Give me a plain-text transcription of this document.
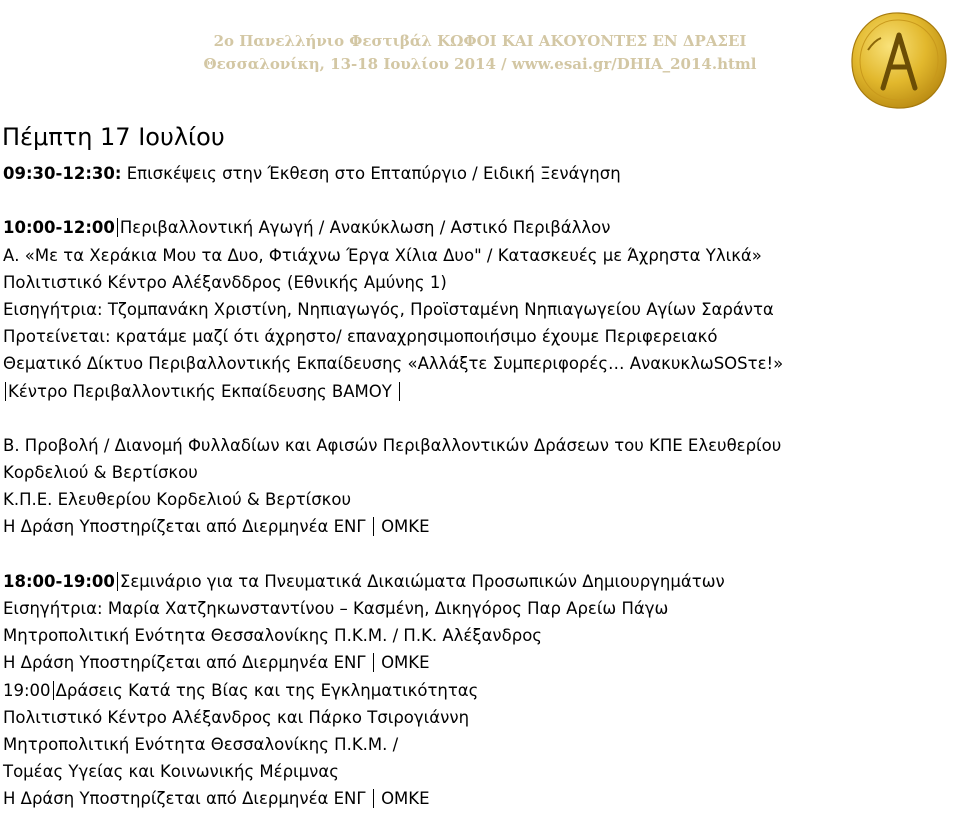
2ο Πανελλήνιο Φεστιβάλ ΚΩΦΟΙ ΚΑΙ ΑΚΟΥΟΝΤΕΣ ΕΝ ΔΡΑΣΕΙ
Θεσσαλονίκη, 13-18 Ιουλίου 2014 / www.esai.gr/DHIA_2014.html
Πέμπτη 17 Ιουλίου
09:30-12:30: Επισκέψεις στην Έκθεση στο Επταπύργιο / Ειδική Ξενάγηση
10:00-12:00 Περιβαλλοντική Αγωγή / Ανακύκλωση / Αστικό Περιβάλλον
Α. «Με τα Χεράκια Μου τα Δυο, Φτιάχνω Έργα Χίλια Δυο" / Κατασκευές με Άχρηστα Υλικά»
Πολιτιστικό Κέντρο Αλέξανδδρος (Εθνικής Αμύνης 1)
Εισηγήτρια: Τζομπανάκη Χριστίνη, Νηπιαγωγός, Προϊσταμένη Νηπιαγωγείου Αγίων Σαράντα
Προτείνεται: κρατάμε μαζί ότι άχρηστο/ επαναχρησιμοποιήσιμο έχουμε Περιφερειακό
Θεματικό Δίκτυο Περιβαλλοντικής Εκπαίδευσης «Αλλάξτε Συμπεριφορές… ΑνακυκλωSOSτε!»
Κέντρο Περιβαλλοντικής Εκπαίδευσης ΒΑΜΟΥ
Β. Προβολή / Διανομή Φυλλαδίων και Αφισών Περιβαλλοντικών Δράσεων του ΚΠΕ Ελευθερίου
Κορδελιού & Βερτίσκου
Κ.Π.Ε. Ελευθερίου Κορδελιού & Βερτίσκου
Η Δράση Υποστηρίζεται από Διερμηνέα ΕΝΓ  ΟΜΚΕ
18:00-19:00 Σεμινάριο για τα Πνευματικά Δικαιώματα Προσωπικών Δημιουργημάτων
Εισηγήτρια: Μαρία Χατζηκωνσταντίνου – Κασμένη, Δικηγόρος Παρ Αρείω Πάγω
Μητροπολιτική Ενότητα Θεσσαλονίκης Π.Κ.Μ. / Π.Κ. Αλέξανδρος
Η Δράση Υποστηρίζεται από Διερμηνέα ΕΝΓ  ΟΜΚΕ
19:00 Δράσεις Κατά της Βίας και της Εγκληματικότητας
Πολιτιστικό Κέντρο Αλέξανδρος και Πάρκο Τσιρογιάννη
Μητροπολιτική Ενότητα Θεσσαλονίκης Π.Κ.Μ. /
Τομέας Υγείας και Κοινωνικής Μέριμνας
Η Δράση Υποστηρίζεται από Διερμηνέα ΕΝΓ  ΟΜΚΕ
